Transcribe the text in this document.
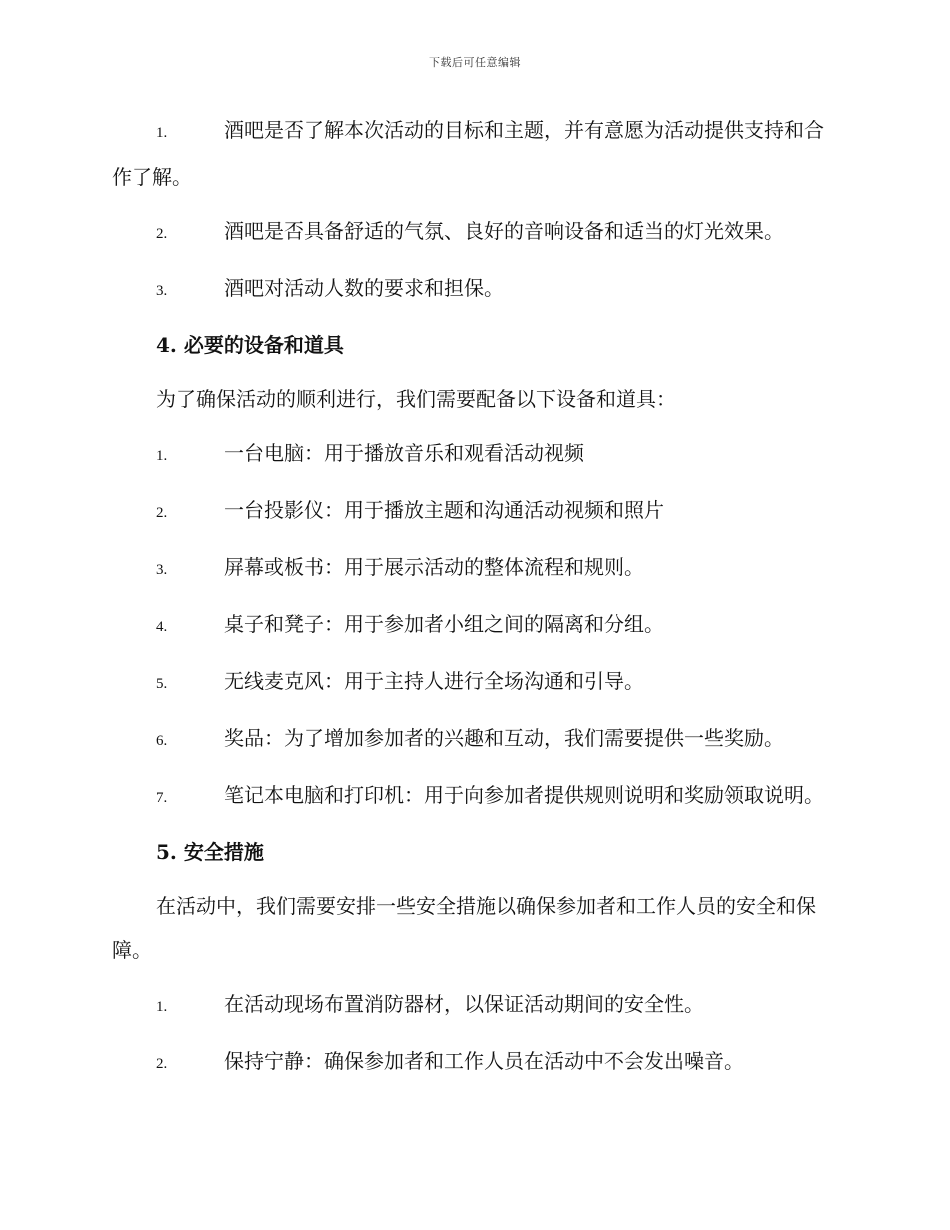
下载后可任意编辑

1.	酒吧是否了解本次活动的目标和主题，并有意愿为活动提供支持和合作了解。

2.	酒吧是否具备舒适的气氛、良好的音响设备和适当的灯光效果。

3.	酒吧对活动人数的要求和担保。

4. 必要的设备和道具

为了确保活动的顺利进行，我们需要配备以下设备和道具：

1.	一台电脑：用于播放音乐和观看活动视频

2.	一台投影仪：用于播放主题和沟通活动视频和照片

3.	屏幕或板书：用于展示活动的整体流程和规则。

4.	桌子和凳子：用于参加者小组之间的隔离和分组。

5.	无线麦克风：用于主持人进行全场沟通和引导。

6.	奖品：为了增加参加者的兴趣和互动，我们需要提供一些奖励。

7.	笔记本电脑和打印机：用于向参加者提供规则说明和奖励领取说明。

5. 安全措施

在活动中，我们需要安排一些安全措施以确保参加者和工作人员的安全和保障。

1.	在活动现场布置消防器材，以保证活动期间的安全性。

2.	保持宁静：确保参加者和工作人员在活动中不会发出噪音。
